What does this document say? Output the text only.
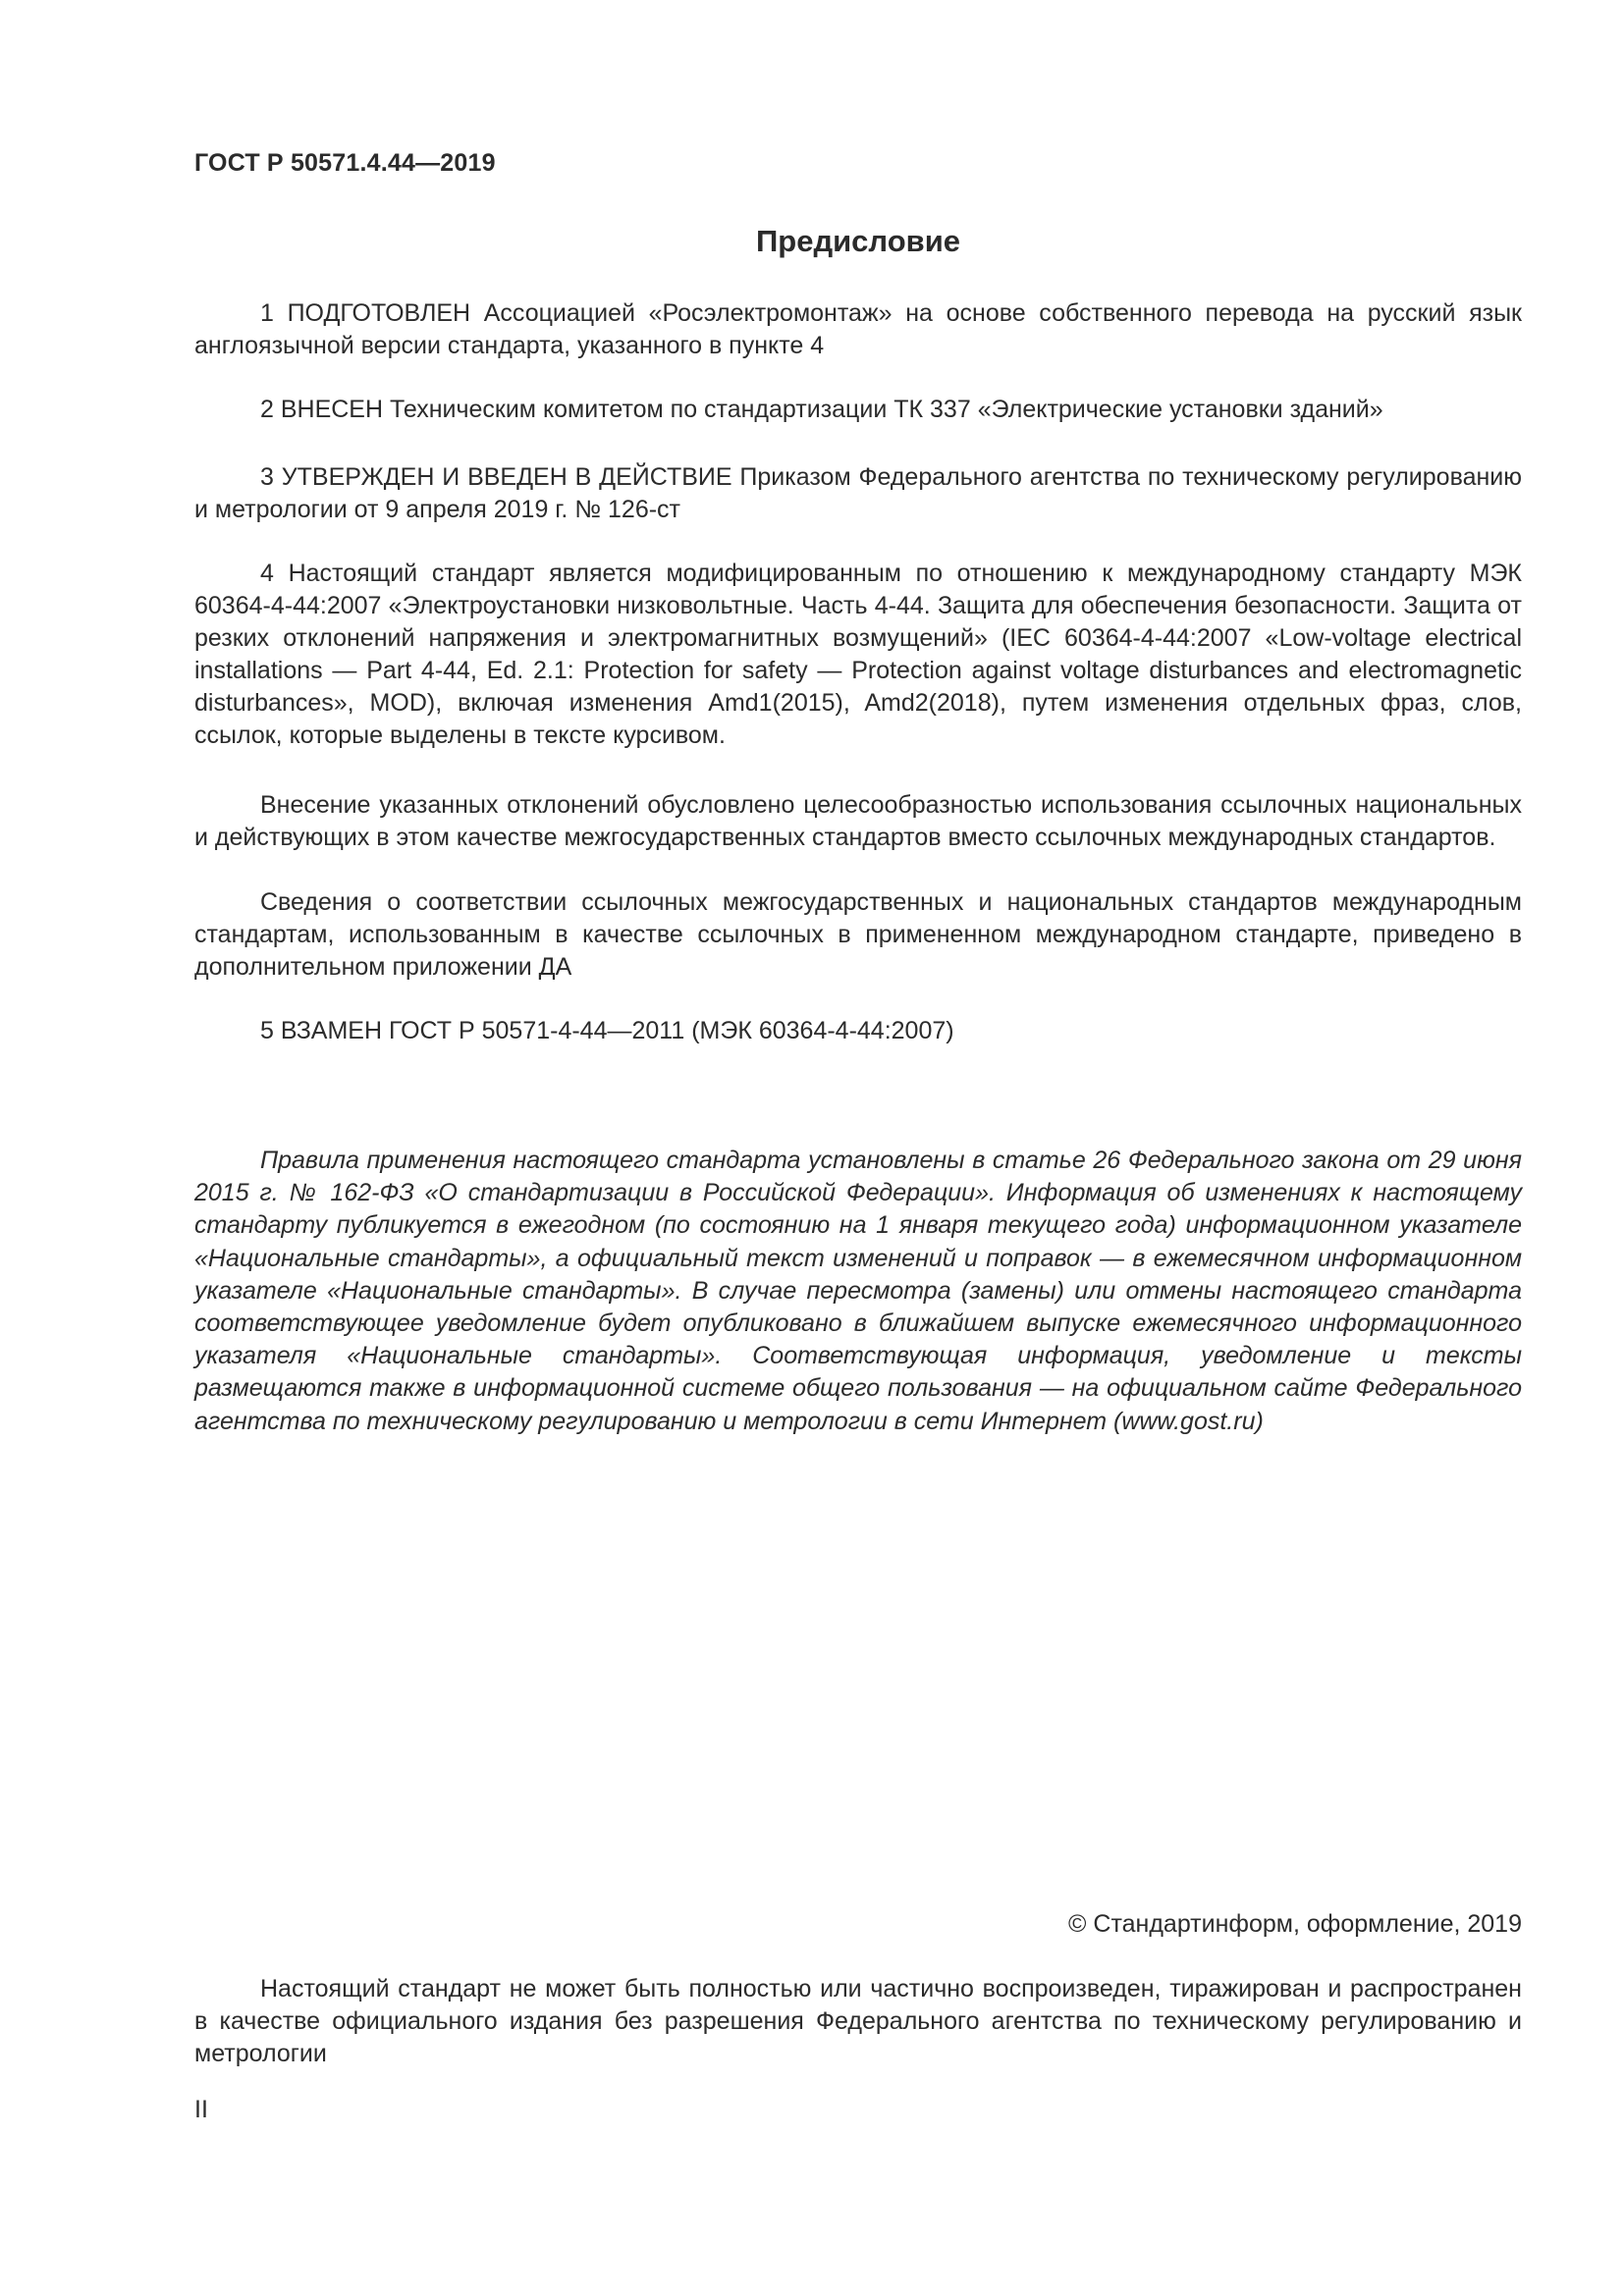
ГОСТ Р 50571.4.44—2019
Предисловие

1 ПОДГОТОВЛЕН Ассоциацией «Росэлектромонтаж» на основе собственного перевода на русский язык англоязычной версии стандарта, указанного в пункте 4

2 ВНЕСЕН Техническим комитетом по стандартизации ТК 337 «Электрические установки зданий»

3 УТВЕРЖДЕН И ВВЕДЕН В ДЕЙСТВИЕ Приказом Федерального агентства по техническому регулированию и метрологии от 9 апреля 2019 г. № 126-ст

4 Настоящий стандарт является модифицированным по отношению к международному стандарту МЭК 60364-4-44:2007 «Электроустановки низковольтные. Часть 4-44. Защита для обеспечения безопасности. Защита от резких отклонений напряжения и электромагнитных возмущений» (IEC 60364-4-44:2007 «Low-voltage electrical installations — Part 4-44, Ed. 2.1: Protection for safety — Protection against voltage disturbances and electromagnetic disturbances», MOD), включая изменения Amd1(2015), Amd2(2018), путем изменения отдельных фраз, слов, ссылок, которые выделены в тексте курсивом.

Внесение указанных отклонений обусловлено целесообразностью использования ссылочных национальных и действующих в этом качестве межгосударственных стандартов вместо ссылочных международных стандартов.

Сведения о соответствии ссылочных межгосударственных и национальных стандартов международным стандартам, использованным в качестве ссылочных в примененном международном стандарте, приведено в дополнительном приложении ДА

5 ВЗАМЕН ГОСТ Р 50571-4-44—2011 (МЭК 60364-4-44:2007)

Правила применения настоящего стандарта установлены в статье 26 Федерального закона от 29 июня 2015 г. № 162-ФЗ «О стандартизации в Российской Федерации». Информация об изменениях к настоящему стандарту публикуется в ежегодном (по состоянию на 1 января текущего года) информационном указателе «Национальные стандарты», а официальный текст изменений и поправок — в ежемесячном информационном указателе «Национальные стандарты». В случае пересмотра (замены) или отмены настоящего стандарта соответствующее уведомление будет опубликовано в ближайшем выпуске ежемесячного информационного указателя «Национальные стандарты». Соответствующая информация, уведомление и тексты размещаются также в информационной системе общего пользования — на официальном сайте Федерального агентства по техническому регулированию и метрологии в сети Интернет (www.gost.ru)

© Стандартинформ, оформление, 2019

Настоящий стандарт не может быть полностью или частично воспроизведен, тиражирован и распространен в качестве официального издания без разрешения Федерального агентства по техническому регулированию и метрологии

II
